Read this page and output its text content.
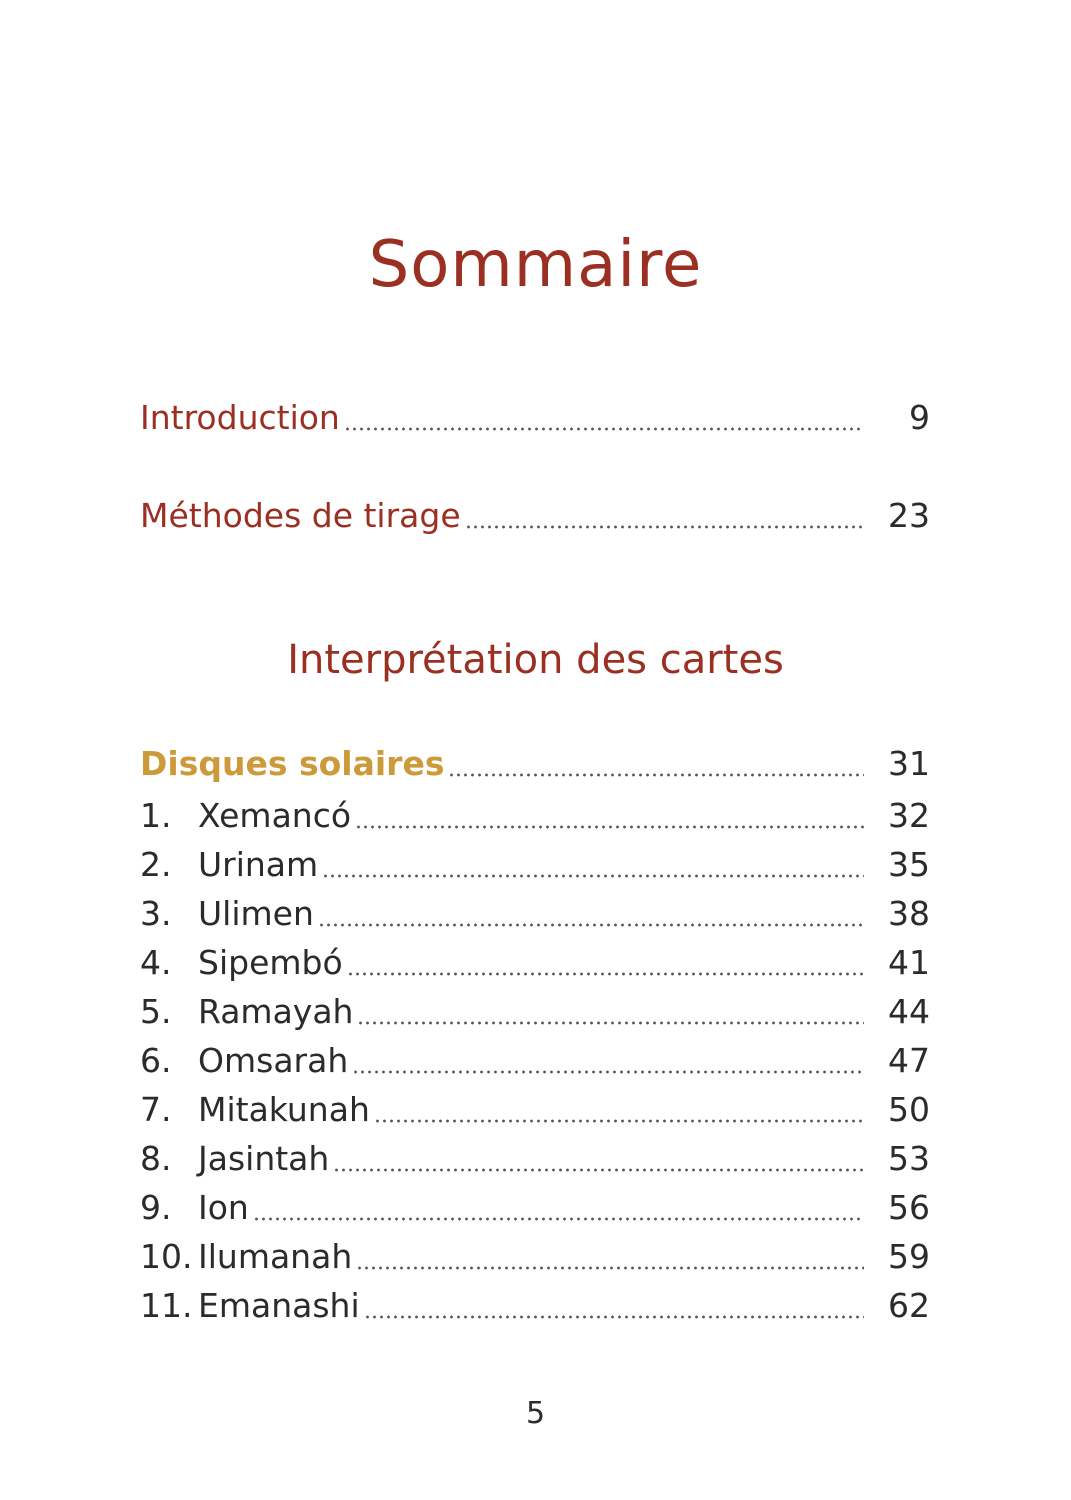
Sommaire
Introduction	9
Méthodes de tirage	23
Interprétation des cartes
Disques solaires	31
1. Xemancó	32
2. Urinam	35
3. Ulimen	38
4. Sipembó	41
5. Ramayah	44
6. Omsarah	47
7. Mitakunah	50
8. Jasintah	53
9. Ion	56
10. Ilumanah	59
11. Emanashi	62
5
